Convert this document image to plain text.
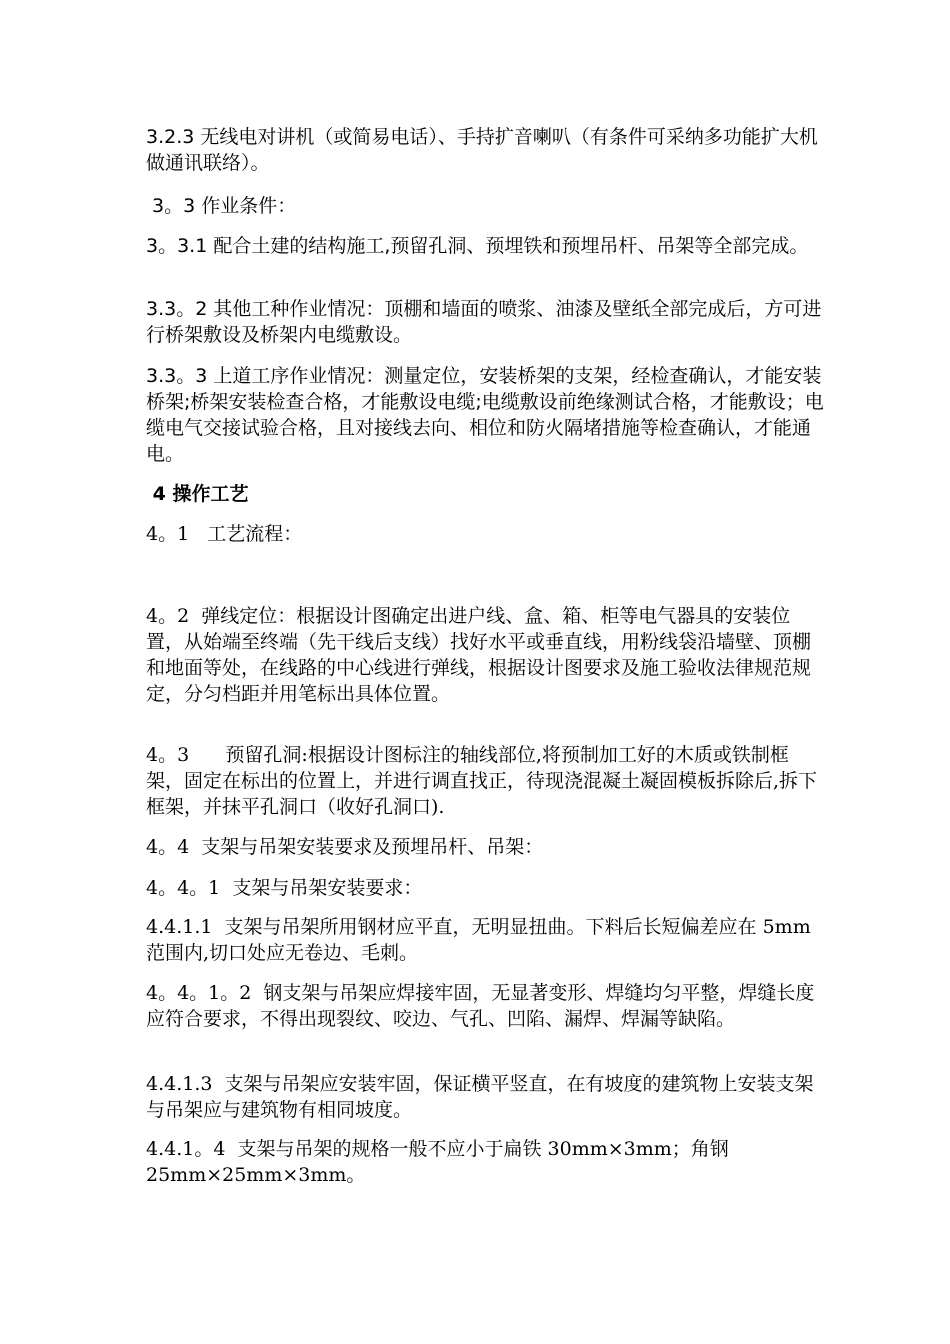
3.2.3 无线电对讲机（或简易电话）、手持扩音喇叭（有条件可采纳多功能扩大机做通讯联络）。

3。3 作业条件：

3。3.1 配合土建的结构施工,预留孔洞、预埋铁和预埋吊杆、吊架等全部完成。

3.3。2 其他工种作业情况：顶棚和墙面的喷浆、油漆及壁纸全部完成后，方可进行桥架敷设及桥架内电缆敷设。

3.3。3 上道工序作业情况：测量定位，安装桥架的支架，经检查确认，才能安装桥架;桥架安装检查合格，才能敷设电缆;电缆敷设前绝缘测试合格，才能敷设；电缆电气交接试验合格，且对接线去向、相位和防火隔堵措施等检查确认，才能通电。

4 操作工艺

4。1   工艺流程：

4。2  弹线定位：根据设计图确定出进户线、盒、箱、柜等电气器具的安装位置，从始端至终端（先干线后支线）找好水平或垂直线，用粉线袋沿墙壁、顶棚和地面等处，在线路的中心线进行弹线，根据设计图要求及施工验收法律规范规定，分匀档距并用笔标出具体位置。

4。3      预留孔洞:根据设计图标注的轴线部位,将预制加工好的木质或铁制框架，固定在标出的位置上，并进行调直找正，待现浇混凝土凝固模板拆除后,拆下框架，并抹平孔洞口（收好孔洞口).

4。4  支架与吊架安装要求及预埋吊杆、吊架：

4。4。1  支架与吊架安装要求：

4.4.1.1  支架与吊架所用钢材应平直，无明显扭曲。下料后长短偏差应在 5mm 范围内,切口处应无卷边、毛刺。

4。4。1。2  钢支架与吊架应焊接牢固，无显著变形、焊缝均匀平整，焊缝长度应符合要求，不得出现裂纹、咬边、气孔、凹陷、漏焊、焊漏等缺陷。

4.4.1.3  支架与吊架应安装牢固，保证横平竖直，在有坡度的建筑物上安装支架与吊架应与建筑物有相同坡度。

4.4.1。4  支架与吊架的规格一般不应小于扁铁 30mm×3mm；角钢 25mm×25mm×3mm。
